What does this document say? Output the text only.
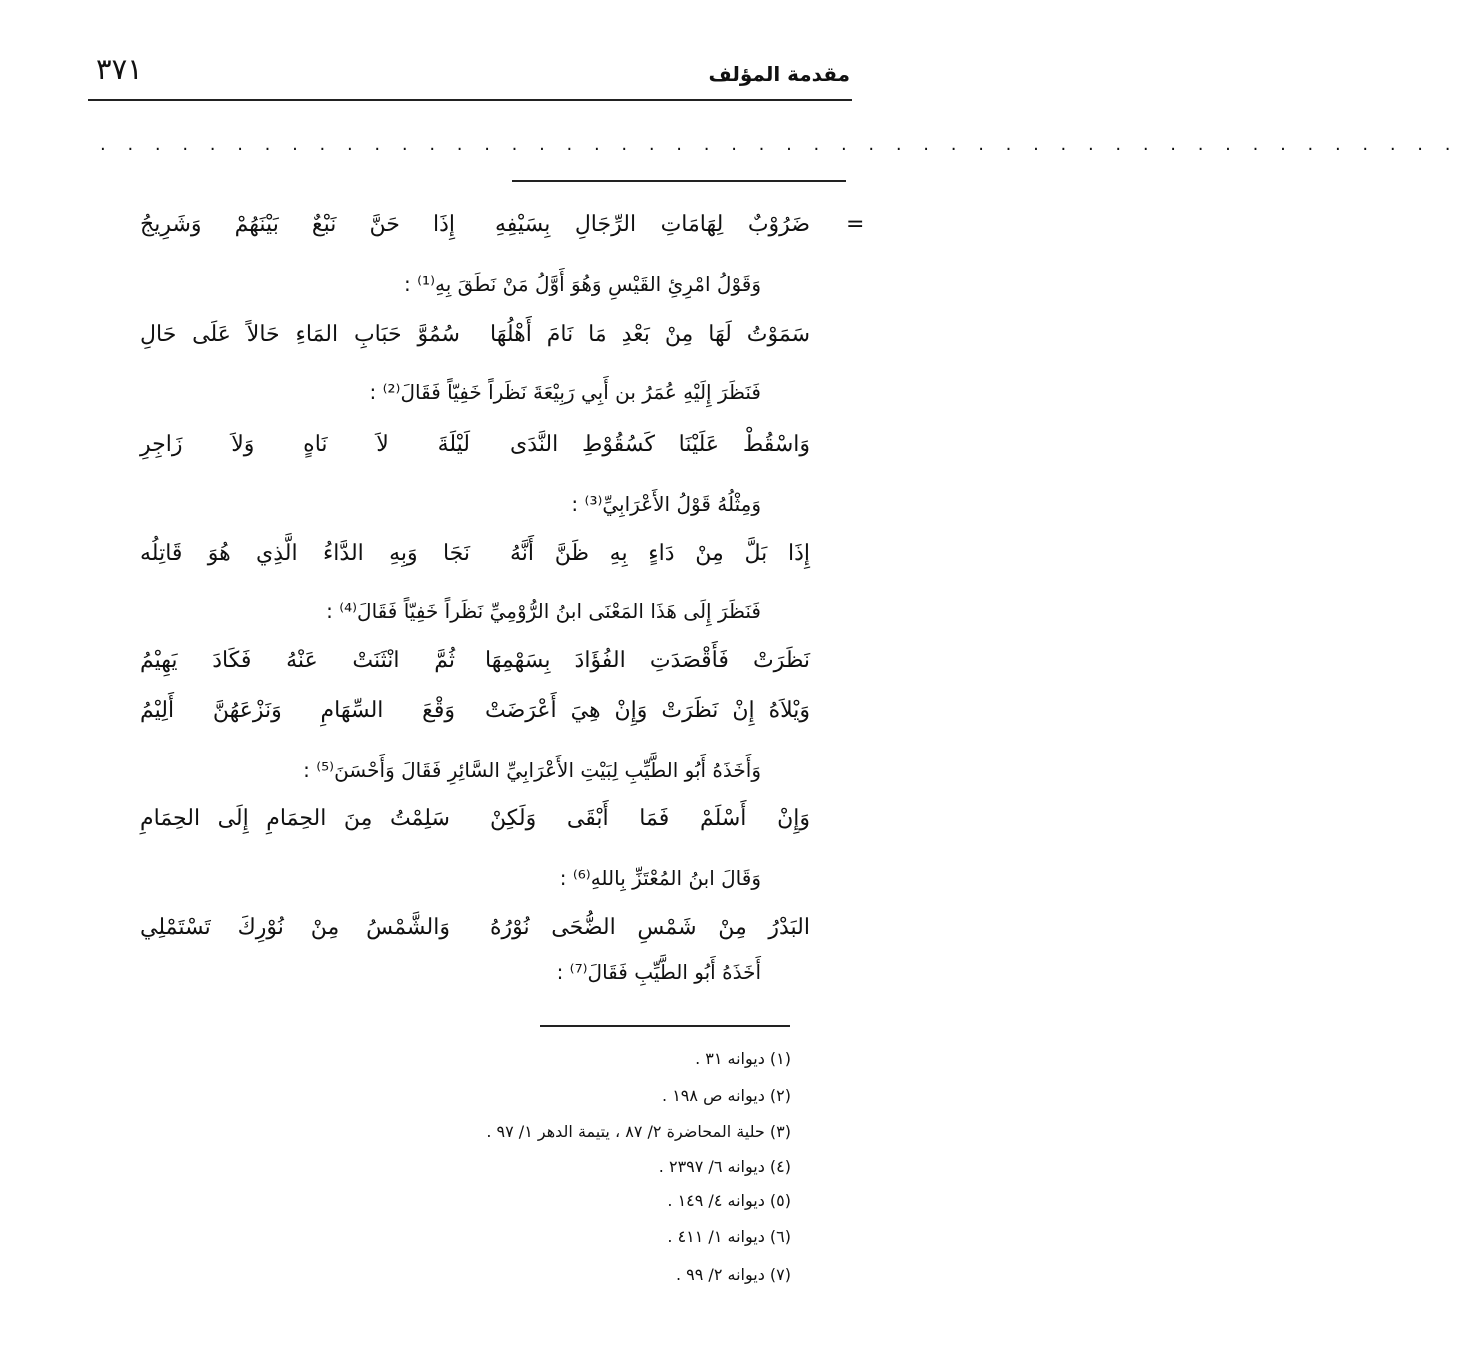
٣٧١	مقدمة المؤلف
. . . . . . . . . . . . . . . . . . . . . . . . . . . . . . . . . . . . . . . . . . . . . . . . . .
=
ضَرُوْبٌ لِهَامَاتِ الرِّجَالِ بِسَيْفِهِ
إِذَا حَنَّ نَبْعٌ بَيْنَهُمْ وَشَرِيجُ
وَقَوْلُ امْرِئِ القَيْسِ وَهُوَ أَوَّلُ مَنْ نَطَقَ بِهِ⁽¹⁾ :
سَمَوْتُ لَهَا مِنْ بَعْدِ مَا نَامَ أَهْلُهَا
سُمُوَّ حَبَابِ المَاءِ حَالاً عَلَى حَالِ
فَنَظَرَ إِلَيْهِ عُمَرُ بن أَبِي رَبِيْعَةَ نَظَراً خَفِيّاً فَقَالَ⁽²⁾ :
وَاسْقُطْ عَلَيْنَا كَسُقُوْطِ النَّدَى
لَيْلَةَ لاَ نَاهٍ وَلاَ زَاجِرِ
وَمِثْلُهُ قَوْلُ الأَعْرَابِيِّ⁽³⁾ :
إِذَا بَلَّ مِنْ دَاءٍ بِهِ ظَنَّ أَنَّهُ
نَجَا وَبِهِ الدَّاءُ الَّذِي هُوَ قَاتِلُه
فَنَظَرَ إِلَى هَذَا المَعْنَى ابنُ الرُّوْمِيِّ نَظَراً خَفِيّاً فَقَالَ⁽⁴⁾ :
نَظَرَتْ فَأَقْصَدَتِ الفُؤَادَ بِسَهْمِهَا
ثُمَّ انْثَنَتْ عَنْهُ فَكَادَ يَهِيْمُ
وَيْلاَهُ إِنْ نَظَرَتْ وَإِنْ هِيَ أَعْرَضَتْ
وَقْعَ السِّهَامِ وَنَزْعَهُنَّ أَلِيْمُ
وَأَخَذَهُ أَبُو الطَّيِّبِ لِبَيْتِ الأَعْرَابِيِّ السَّائِرِ فَقَالَ وَأَحْسَنَ⁽⁵⁾ :
وَإِنْ أَسْلَمْ فَمَا أَبْقَى وَلَكِنْ
سَلِمْتُ مِنَ الحِمَامِ إِلَى الحِمَامِ
وَقَالَ ابنُ المُعْتَزِّ بِاللهِ⁽⁶⁾ :
البَدْرُ مِنْ شَمْسِ الضُّحَى نُوْرُهُ
وَالشَّمْسُ مِنْ نُوْرِكَ تَسْتَمْلِي
أَخَذَهُ أَبُو الطَّيِّبِ فَقَالَ⁽⁷⁾ :
(١) ديوانه ٣١ .
(٢) ديوانه ص ١٩٨ .
(٣) حلية المحاضرة ٢/ ٨٧ ، يتيمة الدهر ١/ ٩٧ .
(٤) ديوانه ٦/ ٢٣٩٧ .
(٥) ديوانه ٤/ ١٤٩ .
(٦) ديوانه ١/ ٤١١ .
(٧) ديوانه ٢/ ٩٩ .
